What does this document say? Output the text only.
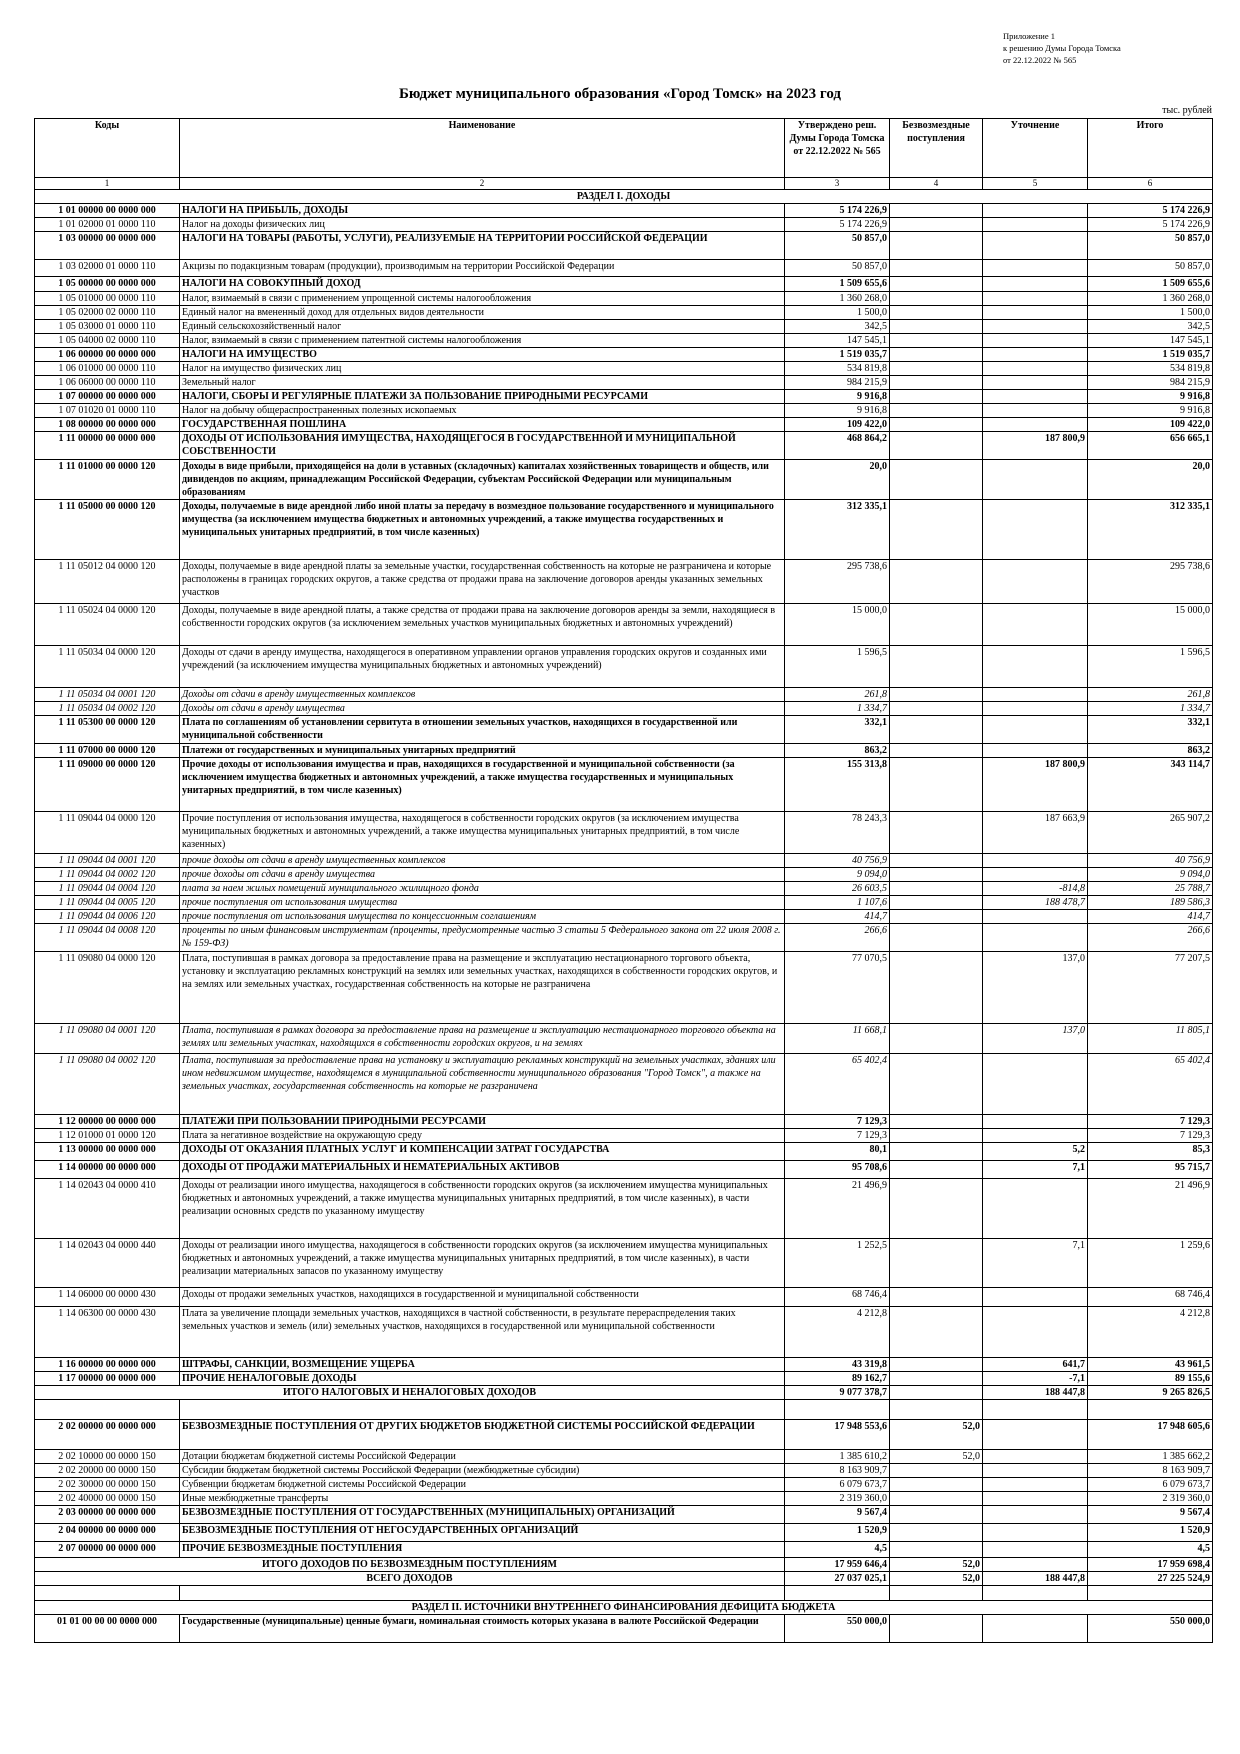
Приложение 1
к решению Думы Города Томска
от 22.12.2022 № 565
Бюджет муниципального образования «Город Томск» на 2023 год
тыс. рублей
Коды	Наименование	Утверждено реш. Думы Города Томска от 22.12.2022 № 565	Безвозмездные поступления	Уточнение	Итого
1	2	3	4	5	6
РАЗДЕЛ I. ДОХОДЫ					
1 01 00000 00 0000 000	НАЛОГИ НА ПРИБЫЛЬ, ДОХОДЫ	5 174 226,9			5 174 226,9
1 01 02000 01 0000 110	Налог на доходы физических лиц	5 174 226,9			5 174 226,9
1 03 00000 00 0000 000	НАЛОГИ НА ТОВАРЫ (РАБОТЫ, УСЛУГИ), РЕАЛИЗУЕМЫЕ НА ТЕРРИТОРИИ РОССИЙСКОЙ ФЕДЕРАЦИИ	50 857,0			50 857,0
1 03 02000 01 0000 110	Акцизы по подакцизным товарам (продукции), производимым на территории Российской Федерации	50 857,0			50 857,0
1 05 00000 00 0000 000	НАЛОГИ НА СОВОКУПНЫЙ ДОХОД	1 509 655,6			1 509 655,6
1 05 01000 00 0000 110	Налог, взимаемый в связи с применением упрощенной системы налогообложения	1 360 268,0			1 360 268,0
1 05 02000 02 0000 110	Единый налог на вмененный доход для отдельных видов деятельности	1 500,0			1 500,0
1 05 03000 01 0000 110	Единый сельскохозяйственный налог	342,5			342,5
1 05 04000 02 0000 110	Налог, взимаемый в связи с применением патентной системы налогообложения	147 545,1			147 545,1
1 06 00000 00 0000 000	НАЛОГИ НА ИМУЩЕСТВО	1 519 035,7			1 519 035,7
1 06 01000 00 0000 110	Налог на имущество физических лиц	534 819,8			534 819,8
1 06 06000 00 0000 110	Земельный налог	984 215,9			984 215,9
1 07 00000 00 0000 000	НАЛОГИ, СБОРЫ И РЕГУЛЯРНЫЕ ПЛАТЕЖИ ЗА ПОЛЬЗОВАНИЕ ПРИРОДНЫМИ РЕСУРСАМИ	9 916,8			9 916,8
1 07 01020 01 0000 110	Налог на добычу общераспространенных полезных ископаемых	9 916,8			9 916,8
1 08 00000 00 0000 000	ГОСУДАРСТВЕННАЯ ПОШЛИНА	109 422,0			109 422,0
1 11 00000 00 0000 000	ДОХОДЫ ОТ ИСПОЛЬЗОВАНИЯ ИМУЩЕСТВА, НАХОДЯЩЕГОСЯ В ГОСУДАРСТВЕННОЙ И МУНИЦИПАЛЬНОЙ СОБСТВЕННОСТИ	468 864,2		187 800,9	656 665,1
1 11 01000 00 0000 120	Доходы в виде прибыли, приходящейся на доли в уставных (складочных) капиталах хозяйственных товариществ и обществ, или дивидендов по акциям, принадлежащим Российской Федерации, субъектам Российской Федерации или муниципальным образованиям	20,0			20,0
1 11 05000 00 0000 120	Доходы, получаемые в виде арендной либо иной платы за передачу в возмездное пользование государственного и муниципального имущества (за исключением имущества бюджетных и автономных учреждений, а также имущества государственных и муниципальных унитарных предприятий, в том числе казенных)	312 335,1			312 335,1
1 11 05012 04 0000 120	Доходы, получаемые в виде арендной платы за земельные участки, государственная собственность на которые не разграничена и которые расположены в границах городских округов, а также средства от продажи права на заключение договоров аренды указанных земельных участков	295 738,6			295 738,6
1 11 05024 04 0000 120	Доходы, получаемые в виде арендной платы, а также средства от продажи права на заключение договоров аренды за земли, находящиеся в собственности городских округов (за исключением земельных участков муниципальных бюджетных и автономных учреждений)	15 000,0			15 000,0
1 11 05034 04 0000 120	Доходы от сдачи в аренду имущества, находящегося в оперативном управлении органов управления городских округов и созданных ими учреждений (за исключением имущества муниципальных бюджетных и автономных учреждений)	1 596,5			1 596,5
1 11 05034 04 0001 120	Доходы от сдачи в аренду имущественных комплексов	261,8			261,8
1 11 05034 04 0002 120	Доходы от сдачи в аренду имущества	1 334,7			1 334,7
1 11 05300 00 0000 120	Плата по соглашениям об установлении сервитута в отношении земельных участков, находящихся в государственной или муниципальной собственности	332,1			332,1
1 11 07000 00 0000 120	Платежи от государственных и муниципальных унитарных предприятий	863,2			863,2
1 11 09000 00 0000 120	Прочие доходы от использования имущества и прав, находящихся в государственной и муниципальной собственности (за исключением имущества бюджетных и автономных учреждений, а также имущества государственных и муниципальных унитарных предприятий, в том числе казенных)	155 313,8		187 800,9	343 114,7
1 11 09044 04 0000 120	Прочие поступления от использования имущества, находящегося в собственности городских округов (за исключением имущества муниципальных бюджетных и автономных учреждений, а также имущества муниципальных унитарных предприятий, в том числе казенных)	78 243,3		187 663,9	265 907,2
1 11 09044 04 0001 120	прочие доходы от сдачи в аренду имущественных комплексов	40 756,9			40 756,9
1 11 09044 04 0002 120	прочие доходы от сдачи в аренду имущества	9 094,0			9 094,0
1 11 09044 04 0004 120	плата за наем жилых помещений муниципального жилищного фонда	26 603,5		-814,8	25 788,7
1 11 09044 04 0005 120	прочие поступления от использования имущества	1 107,6		188 478,7	189 586,3
1 11 09044 04 0006 120	прочие поступления от использования имущества по концессионным соглашениям	414,7			414,7
1 11 09044 04 0008 120	проценты по иным финансовым инструментам (проценты, предусмотренные частью 3 статьи 5 Федерального закона от 22 июля 2008 г. № 159-ФЗ)	266,6			266,6
1 11 09080 04 0000 120	Плата, поступившая в рамках договора за предоставление права на размещение и эксплуатацию нестационарного торгового объекта, установку и эксплуатацию рекламных конструкций на землях или земельных участках, находящихся в собственности городских округов, и на землях или земельных участках, государственная собственность на которые не разграничена	77 070,5		137,0	77 207,5
1 11 09080 04 0001 120	Плата, поступившая в рамках договора за предоставление права на размещение и эксплуатацию нестационарного торгового объекта на землях или земельных участках, находящихся в собственности городских округов, и на землях	11 668,1		137,0	11 805,1
1 11 09080 04 0002 120	Плата, поступившая за предоставление права на установку и эксплуатацию рекламных конструкций на земельных участках, зданиях или ином недвижимом имуществе, находящемся в муниципальной собственности муниципального образования "Город Томск", а также на земельных участках, государственная собственность на которые не разграничена	65 402,4			65 402,4
1 12 00000 00 0000 000	ПЛАТЕЖИ ПРИ ПОЛЬЗОВАНИИ ПРИРОДНЫМИ РЕСУРСАМИ	7 129,3			7 129,3
1 12 01000 01 0000 120	Плата за негативное воздействие на окружающую среду	7 129,3			7 129,3
1 13 00000 00 0000 000	ДОХОДЫ ОТ ОКАЗАНИЯ ПЛАТНЫХ УСЛУГ И КОМПЕНСАЦИИ ЗАТРАТ ГОСУДАРСТВА	80,1		5,2	85,3
1 14 00000 00 0000 000	ДОХОДЫ ОТ ПРОДАЖИ МАТЕРИАЛЬНЫХ И НЕМАТЕРИАЛЬНЫХ АКТИВОВ	95 708,6		7,1	95 715,7
1 14 02043 04 0000 410	Доходы от реализации иного имущества, находящегося в собственности городских округов (за исключением имущества муниципальных бюджетных и автономных учреждений, а также имущества муниципальных унитарных предприятий, в том числе казенных), в части реализации основных средств по указанному имуществу	21 496,9			21 496,9
1 14 02043 04 0000 440	Доходы от реализации иного имущества, находящегося в собственности городских округов (за исключением имущества муниципальных бюджетных и автономных учреждений, а также имущества муниципальных унитарных предприятий, в том числе казенных), в части реализации материальных запасов по указанному имуществу	1 252,5		7,1	1 259,6
1 14 06000 00 0000 430	Доходы от продажи земельных участков, находящихся в государственной и муниципальной собственности	68 746,4			68 746,4
1 14 06300 00 0000 430	Плата за увеличение площади земельных участков, находящихся в частной собственности, в результате перераспределения таких земельных участков и земель (или) земельных участков, находящихся в государственной или муниципальной собственности	4 212,8			4 212,8
1 16 00000 00 0000 000	ШТРАФЫ, САНКЦИИ, ВОЗМЕЩЕНИЕ УЩЕРБА	43 319,8		641,7	43 961,5
1 17 00000 00 0000 000	ПРОЧИЕ НЕНАЛОГОВЫЕ ДОХОДЫ	89 162,7		-7,1	89 155,6
ИТОГО НАЛОГОВЫХ И НЕНАЛОГОВЫХ ДОХОДОВ		9 077 378,7		188 447,8	9 265 826,5

2 02 00000 00 0000 000	БЕЗВОЗМЕЗДНЫЕ ПОСТУПЛЕНИЯ ОТ ДРУГИХ БЮДЖЕТОВ БЮДЖЕТНОЙ СИСТЕМЫ РОССИЙСКОЙ ФЕДЕРАЦИИ	17 948 553,6	52,0		17 948 605,6
2 02 10000 00 0000 150	Дотации бюджетам бюджетной системы Российской Федерации	1 385 610,2	52,0		1 385 662,2
2 02 20000 00 0000 150	Субсидии бюджетам бюджетной системы Российской Федерации (межбюджетные субсидии)	8 163 909,7			8 163 909,7
2 02 30000 00 0000 150	Субвенции бюджетам бюджетной системы Российской Федерации	6 079 673,7			6 079 673,7
2 02 40000 00 0000 150	Иные межбюджетные трансферты	2 319 360,0			2 319 360,0
2 03 00000 00 0000 000	БЕЗВОЗМЕЗДНЫЕ ПОСТУПЛЕНИЯ ОТ ГОСУДАРСТВЕННЫХ (МУНИЦИПАЛЬНЫХ) ОРГАНИЗАЦИЙ	9 567,4			9 567,4
2 04 00000 00 0000 000	БЕЗВОЗМЕЗДНЫЕ ПОСТУПЛЕНИЯ ОТ НЕГОСУДАРСТВЕННЫХ ОРГАНИЗАЦИЙ	1 520,9			1 520,9
2 07 00000 00 0000 000	ПРОЧИЕ БЕЗВОЗМЕЗДНЫЕ ПОСТУПЛЕНИЯ	4,5			4,5
ИТОГО ДОХОДОВ ПО БЕЗВОЗМЕЗДНЫМ ПОСТУПЛЕНИЯМ		17 959 646,4	52,0		17 959 698,4
ВСЕГО ДОХОДОВ		27 037 025,1	52,0	188 447,8	27 225 524,9

РАЗДЕЛ II. ИСТОЧНИКИ ВНУТРЕННЕГО ФИНАНСИРОВАНИЯ ДЕФИЦИТА БЮДЖЕТА					
01 01 00 00 00 0000 000	Государственные (муниципальные) ценные бумаги, номинальная стоимость которых указана в валюте Российской Федерации	550 000,0			550 000,0
